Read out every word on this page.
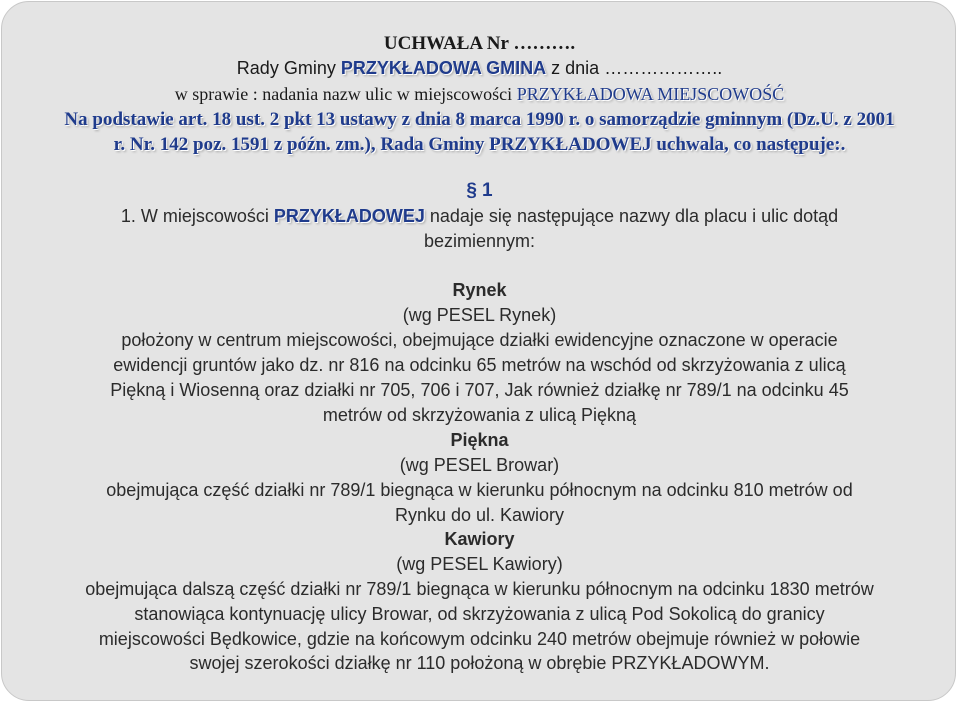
UCHWAŁA Nr ……….
Rady Gminy PRZYKŁADOWA GMINA z dnia ………………..
w sprawie : nadania nazw ulic w miejscowości PRZYKŁADOWA MIEJSCOWOŚĆ
Na podstawie art. 18 ust. 2 pkt 13 ustawy z dnia 8 marca 1990 r. o samorządzie gminnym (Dz.U. z 2001
r. Nr. 142 poz. 1591 z późn. zm.), Rada Gminy PRZYKŁADOWEJ uchwala, co następuje:.
§ 1
1. W miejscowości PRZYKŁADOWEJ nadaje się następujące nazwy dla placu i ulic dotąd
bezimiennym:
Rynek
(wg PESEL Rynek)
położony w centrum miejscowości, obejmujące działki ewidencyjne oznaczone w operacie
ewidencji gruntów jako dz. nr 816 na odcinku 65 metrów na wschód od skrzyżowania z ulicą
Piękną i Wiosenną oraz działki nr 705, 706 i 707, Jak również działkę nr 789/1 na odcinku 45
metrów od skrzyżowania z ulicą Piękną
Piękna
(wg PESEL Browar)
obejmująca część działki nr 789/1 biegnąca w kierunku północnym na odcinku 810 metrów od
Rynku do ul. Kawiory
Kawiory
(wg PESEL Kawiory)
obejmująca dalszą część działki nr 789/1 biegnąca w kierunku północnym na odcinku 1830 metrów
stanowiąca kontynuację ulicy Browar, od skrzyżowania z ulicą Pod Sokolicą do granicy
miejscowości Będkowice, gdzie na końcowym odcinku 240 metrów obejmuje również w połowie
swojej szerokości działkę nr 110 położoną w obrębie PRZYKŁADOWYM.
